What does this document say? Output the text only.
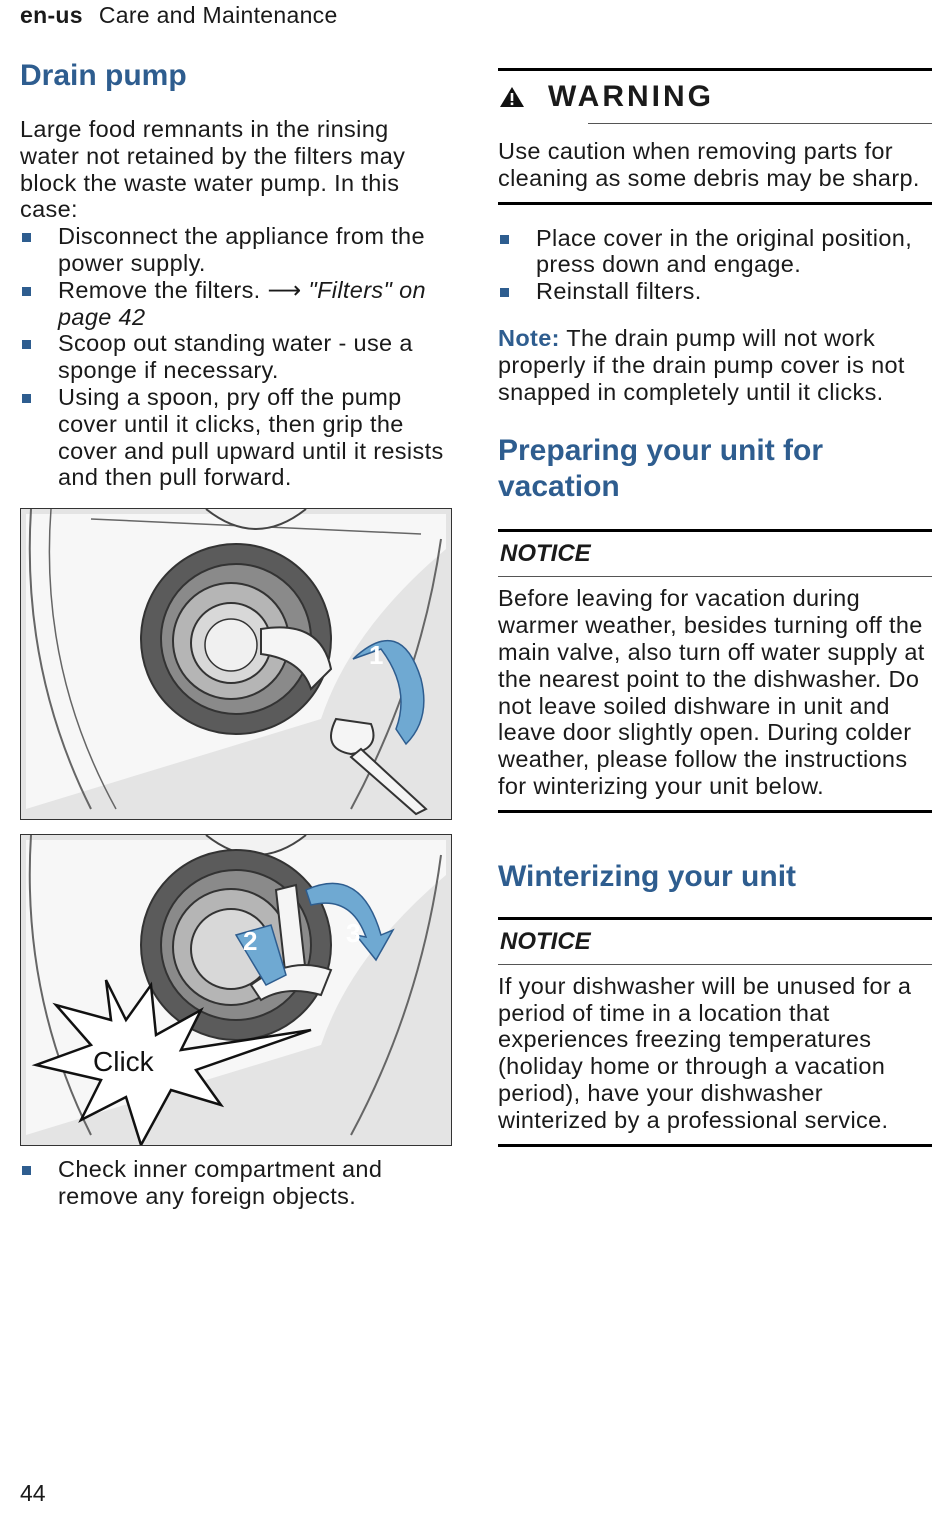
en-us Care and Maintenance
Drain pump

Large food remnants in the rinsing water not retained by the filters may block the waste water pump. In this case:

Disconnect the appliance from the power supply.
Remove the filters. ⟶ "Filters" on page 42
Scoop out standing water - use a sponge if necessary.
Using a spoon, pry off the pump cover until it clicks, then grip the cover and pull upward until it resists and then pull forward.
1
2	3
Click
Check inner compartment and remove any foreign objects.
WARNING

Use caution when removing parts for cleaning as some debris may be sharp.

Place cover in the original position, press down and engage.
Reinstall filters.

Note: The drain pump will not work properly if the drain pump cover is not snapped in completely until it clicks.

Preparing your unit for vacation
NOTICE

Before leaving for vacation during warmer weather, besides turning off the main valve, also turn off water supply at the nearest point to the dishwasher. Do not leave soiled dishware in unit and leave door slightly open. During colder weather, please follow the instructions for winterizing your unit below.

Winterizing your unit
NOTICE

If your dishwasher will be unused for a period of time in a location that experiences freezing temperatures (holiday home or through a vacation period), have your dishwasher winterized by a professional service.

44
